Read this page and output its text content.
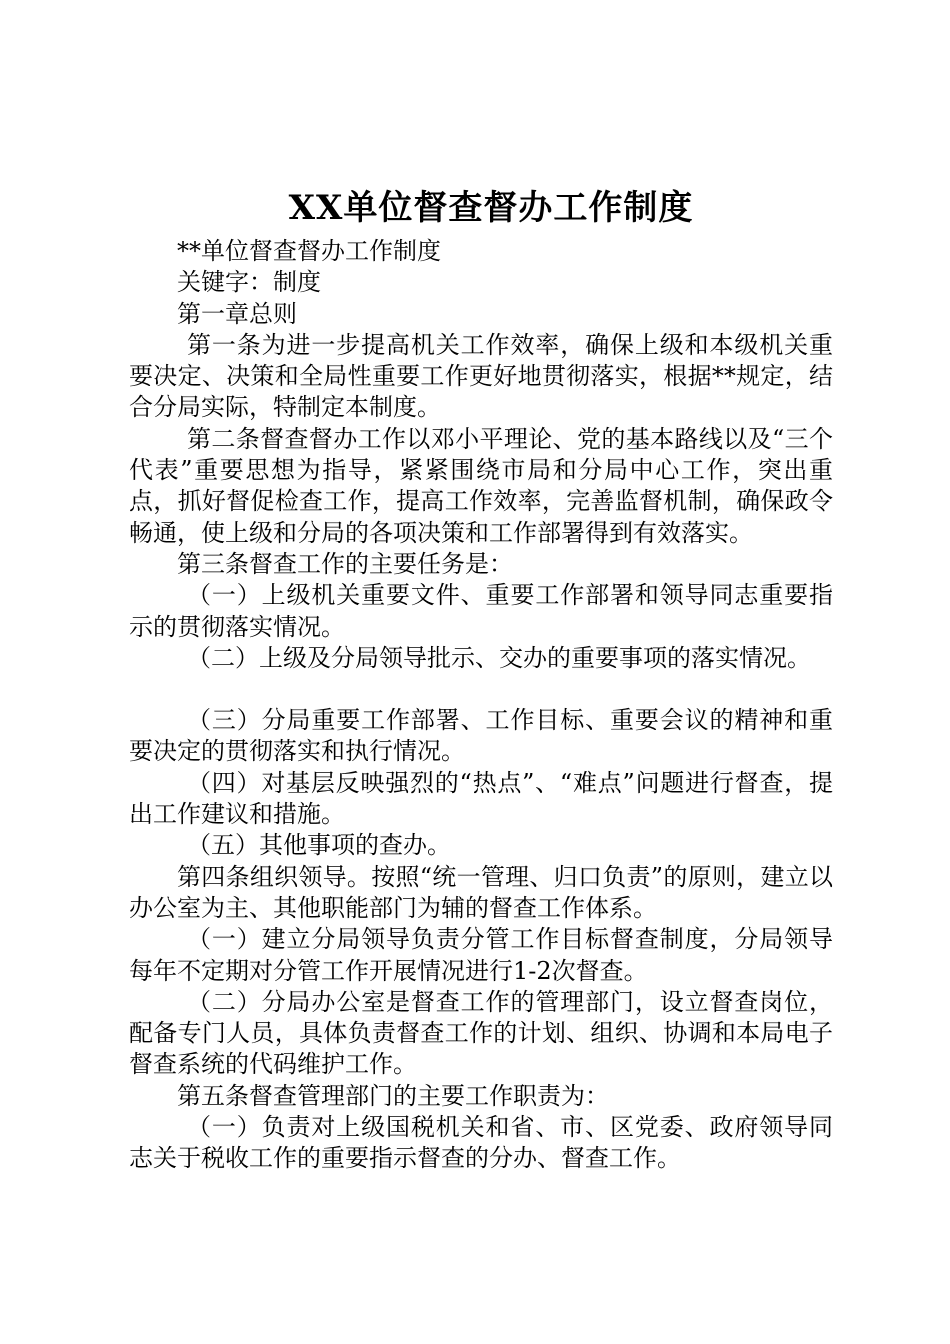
XX单位督查督办工作制度

**单位督查督办工作制度

关键字：制度

第一章总则

第一条为进一步提高机关工作效率，确保上级和本级机关重要决定、决策和全局性重要工作更好地贯彻落实，根据**规定，结合分局实际，特制定本制度。

第二条督查督办工作以邓小平理论、党的基本路线以及“三个代表”重要思想为指导，紧紧围绕市局和分局中心工作，突出重点，抓好督促检查工作，提高工作效率，完善监督机制，确保政令畅通，使上级和分局的各项决策和工作部署得到有效落实。

第三条督查工作的主要任务是：

（一）上级机关重要文件、重要工作部署和领导同志重要指示的贯彻落实情况。

（二）上级及分局领导批示、交办的重要事项的落实情况。

（三）分局重要工作部署、工作目标、重要会议的精神和重要决定的贯彻落实和执行情况。

（四）对基层反映强烈的“热点”、“难点”问题进行督查，提出工作建议和措施。

（五）其他事项的查办。

第四条组织领导。按照“统一管理、归口负责”的原则，建立以办公室为主、其他职能部门为辅的督查工作体系。

（一）建立分局领导负责分管工作目标督查制度，分局领导每年不定期对分管工作开展情况进行1-2次督查。

（二）分局办公室是督查工作的管理部门，设立督查岗位，配备专门人员，具体负责督查工作的计划、组织、协调和本局电子督查系统的代码维护工作。

第五条督查管理部门的主要工作职责为：

（一）负责对上级国税机关和省、市、区党委、政府领导同志关于税收工作的重要指示督查的分办、督查工作。
